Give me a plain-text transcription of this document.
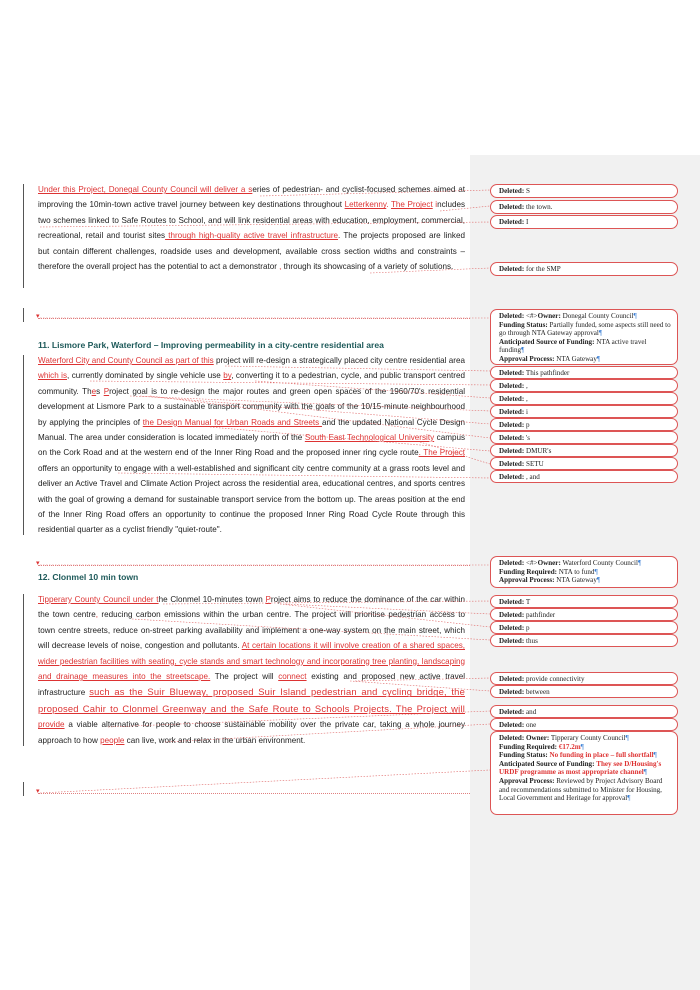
Under this Project, Donegal County Council will deliver a series of pedestrian- and cyclist-focused schemes aimed at improving the 10min-town active travel journey between key destinations throughout Letterkenny. The Project includes two schemes linked to Safe Routes to School, and will link residential areas with education, employment, commercial, recreational, retail and tourist sites through high-quality active travel infrastructure. The projects proposed are linked but contain different challenges, roadside uses and development, available cross section widths and constraints – therefore the overall project has the potential to act a demonstrator , through its showcasing of a variety of solutions.
▾
11. Lismore Park, Waterford – Improving permeability in a city-centre residential area
Waterford City and County Council as part of this project will re-design a strategically placed city centre residential area which is, currently dominated by single vehicle use by, converting it to a pedestrian, cycle, and public transport centred community. Thes Project goal is to re-design the major routes and green open spaces of the 1960/70's residential development at Lismore Park to a sustainable transport community with the goals of the 10/15-minute neighbourhood by applying the principles of the Design Manual for Urban Roads and Streets and the updated National Cycle Design Manual. The area under consideration is located immediately north of the South East Technological University campus on the Cork Road and at the western end of the Inner Ring Road and the proposed inner ring cycle route. The Project offers an opportunity to engage with a well-established and significant city centre community at a grass roots level and deliver an Active Travel and Climate Action Project across the residential area, educational centres, and sports centres with the goal of growing a demand for sustainable transport service from the bottom up. The areas position at the end of the Inner Ring Road offers an opportunity to continue the proposed Inner Ring Road Cycle Route through this residential quarter as a cyclist friendly "quiet-route".
▾
12. Clonmel 10 min town
Tipperary County Council under the Clonmel 10-minutes town Project aims to reduce the dominance of the car within the town centre, reducing carbon emissions within the urban centre. The project will prioritise pedestrian access to town centre streets, reduce on-street parking availability and implement a one-way system on the main street, which will decrease levels of noise, congestion and pollutants. At certain locations it will involve creation of a shared spaces, wider pedestrian facilities with seating, cycle stands and smart technology and incorporating tree planting, landscaping and drainage measures into the streetscape. The project will connect existing and proposed new active travel infrastructure such as the Suir Blueway, proposed Suir Island pedestrian and cycling bridge, the proposed Cahir to Clonmel Greenway and the Safe Route to Schools Projects. The Project will provide a viable alternative for people to choose sustainable mobility over the private car, taking a whole journey approach to how people can live, work and relax in the urban environment.
▾
Deleted: S
Deleted: the town.
Deleted: I
Deleted: for the SMP
Deleted: <#>Owner: Donegal County Council¶
Funding Status: Partially funded, some aspects still need to go through NTA Gateway approval¶
Anticipated Source of Funding: NTA active travel funding¶
Approval Process: NTA Gateway¶
Deleted: This pathfinder
Deleted: ,
Deleted: ,
Deleted: i
Deleted: p
Deleted: 's
Deleted: DMUR's
Deleted: SETU
Deleted: , and
Deleted: <#>Owner: Waterford County Council¶
Funding Required: NTA to fund¶
Approval Process: NTA Gateway¶
Deleted: T
Deleted: pathfinder
Deleted: p
Deleted: thus
Deleted: provide connectivity
Deleted: between
Deleted: and
Deleted: one
Deleted: Owner: Tipperary County Council¶
Funding Required: €17.2m¶
Funding Status: No funding in place – full shortfall¶
Anticipated Source of Funding: They see D/Housing's URDF programme as most appropriate channel¶
Approval Process: Reviewed by Project Advisory Board and recommendations submitted to Minister for Housing, Local Government and Heritage for approval¶
